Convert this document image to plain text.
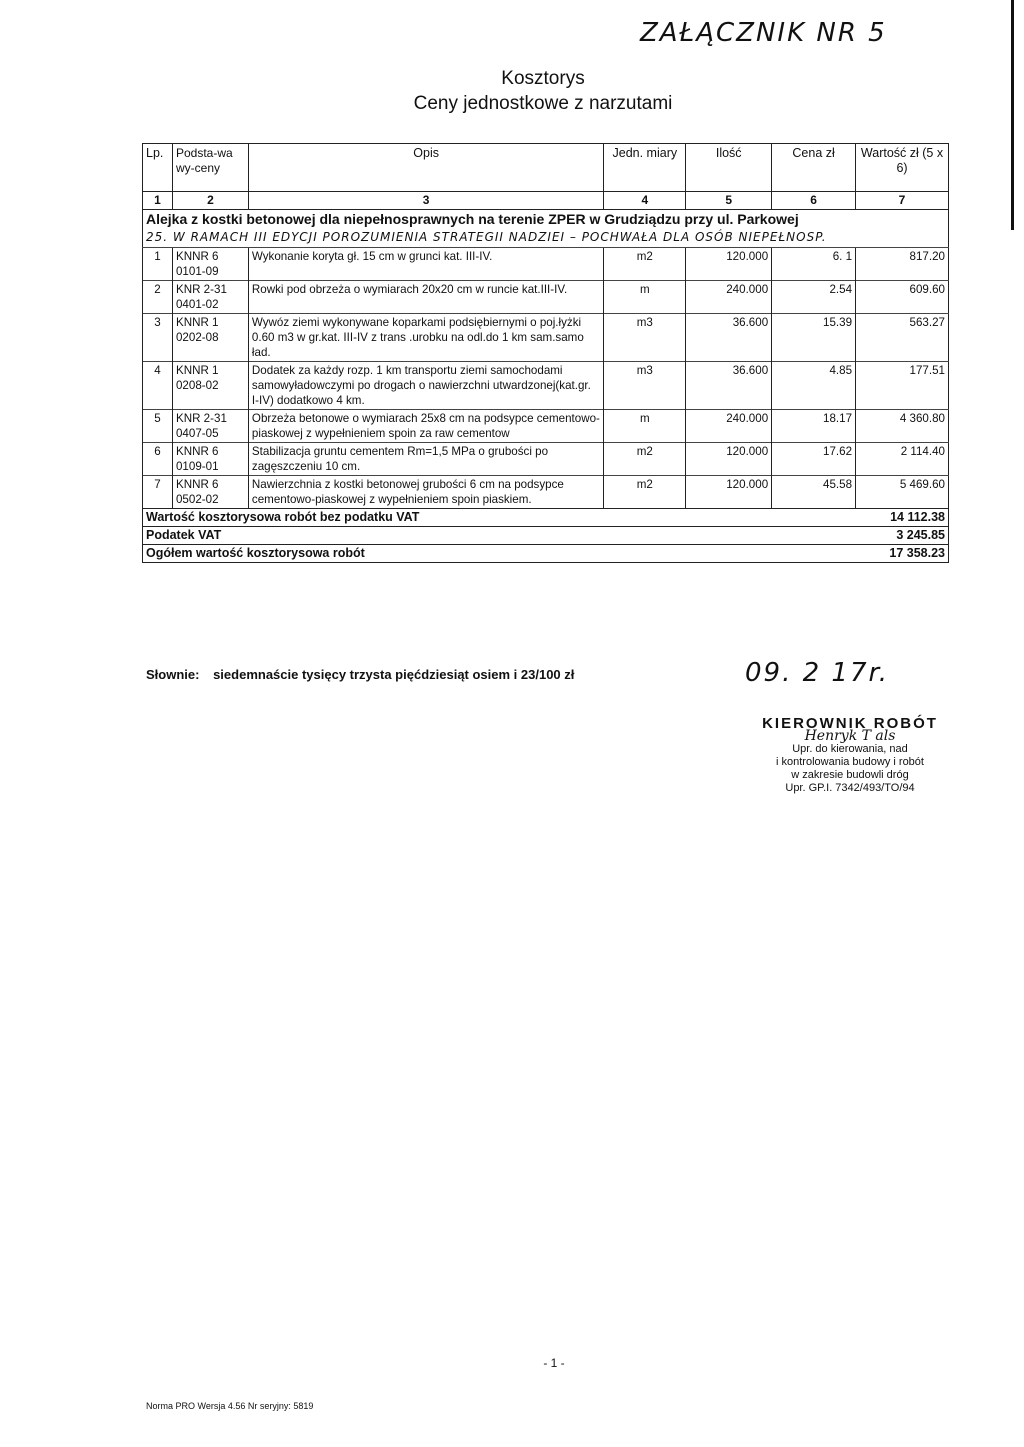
ZAŁĄCZNIK NR 5
Kosztorys
Ceny jednostkowe z narzutami
Lp.	Podsta-wa wy-ceny	Opis	Jedn. miary	Ilość	Cena zł	Wartość zł (5 x 6)
1	2	3	4	5	6	7
Alejka z kostki betonowej dla niepełnosprawnych na terenie ZPER w Grudziądzu przy ul. Parkowej						
25. W RAMACH III EDYCJI POROZUMIENIA STRATEGII NADZIEI – POCHWAŁA DLA OSÓB NIEPEŁNOSP.						
1	KNNR 6 0101-09	Wykonanie koryta gł. 15 cm w grunci kat. III-IV.	m2	120.000	6. 1	817.20
2	KNR 2-31 0401-02	Rowki pod obrzeża o wymiarach 20x20 cm w runcie kat.III-IV.	m	240.000	2.54	609.60
3	KNNR 1 0202-08	Wywóz ziemi wykonywane koparkami podsiębiernymi o poj.łyżki 0.60 m3 w gr.kat. III-IV z trans .urobku na odl.do 1 km sam.samo ład.	m3	36.600	15.39	563.27
4	KNNR 1 0208-02	Dodatek za każdy rozp. 1 km transportu ziemi samochodami samowyładowczymi po drogach o nawierzchni utwardzonej(kat.gr. I-IV) dodatkowo 4 km.	m3	36.600	4.85	177.51
5	KNR 2-31 0407-05	Obrzeża betonowe o wymiarach 25x8 cm na podsypce cementowo-piaskowej z wypełnieniem spoin za raw cementow	m	240.000	18.17	4 360.80
6	KNNR 6 0109-01	Stabilizacja gruntu cementem Rm=1,5 MPa o grubości po zagęszczeniu 10 cm.	m2	120.000	17.62	2 114.40
7	KNNR 6 0502-02	Nawierzchnia z kostki betonowej grubości 6 cm na podsypce cementowo-piaskowej z wypełnieniem spoin piaskiem.	m2	120.000	45.58	5 469.60
Wartość kosztorysowa robót bez podatku VAT					14 112.38	
Podatek VAT					3 245.85	
Ogółem wartość kosztorysowa robót					17 358.23	
Słownie: siedemnaście tysięcy trzysta pięćdziesiąt osiem i 23/100 zł	09. 2 17r.
KIEROWNIK ROBÓT
Henryk T als
Upr. do kierowania, nad
i kontrolowania budowy i robót
w zakresie budowli dróg
Upr. GP.I. 7342/493/TO/94
- 1 -
Norma PRO Wersja 4.56 Nr seryjny: 5819
